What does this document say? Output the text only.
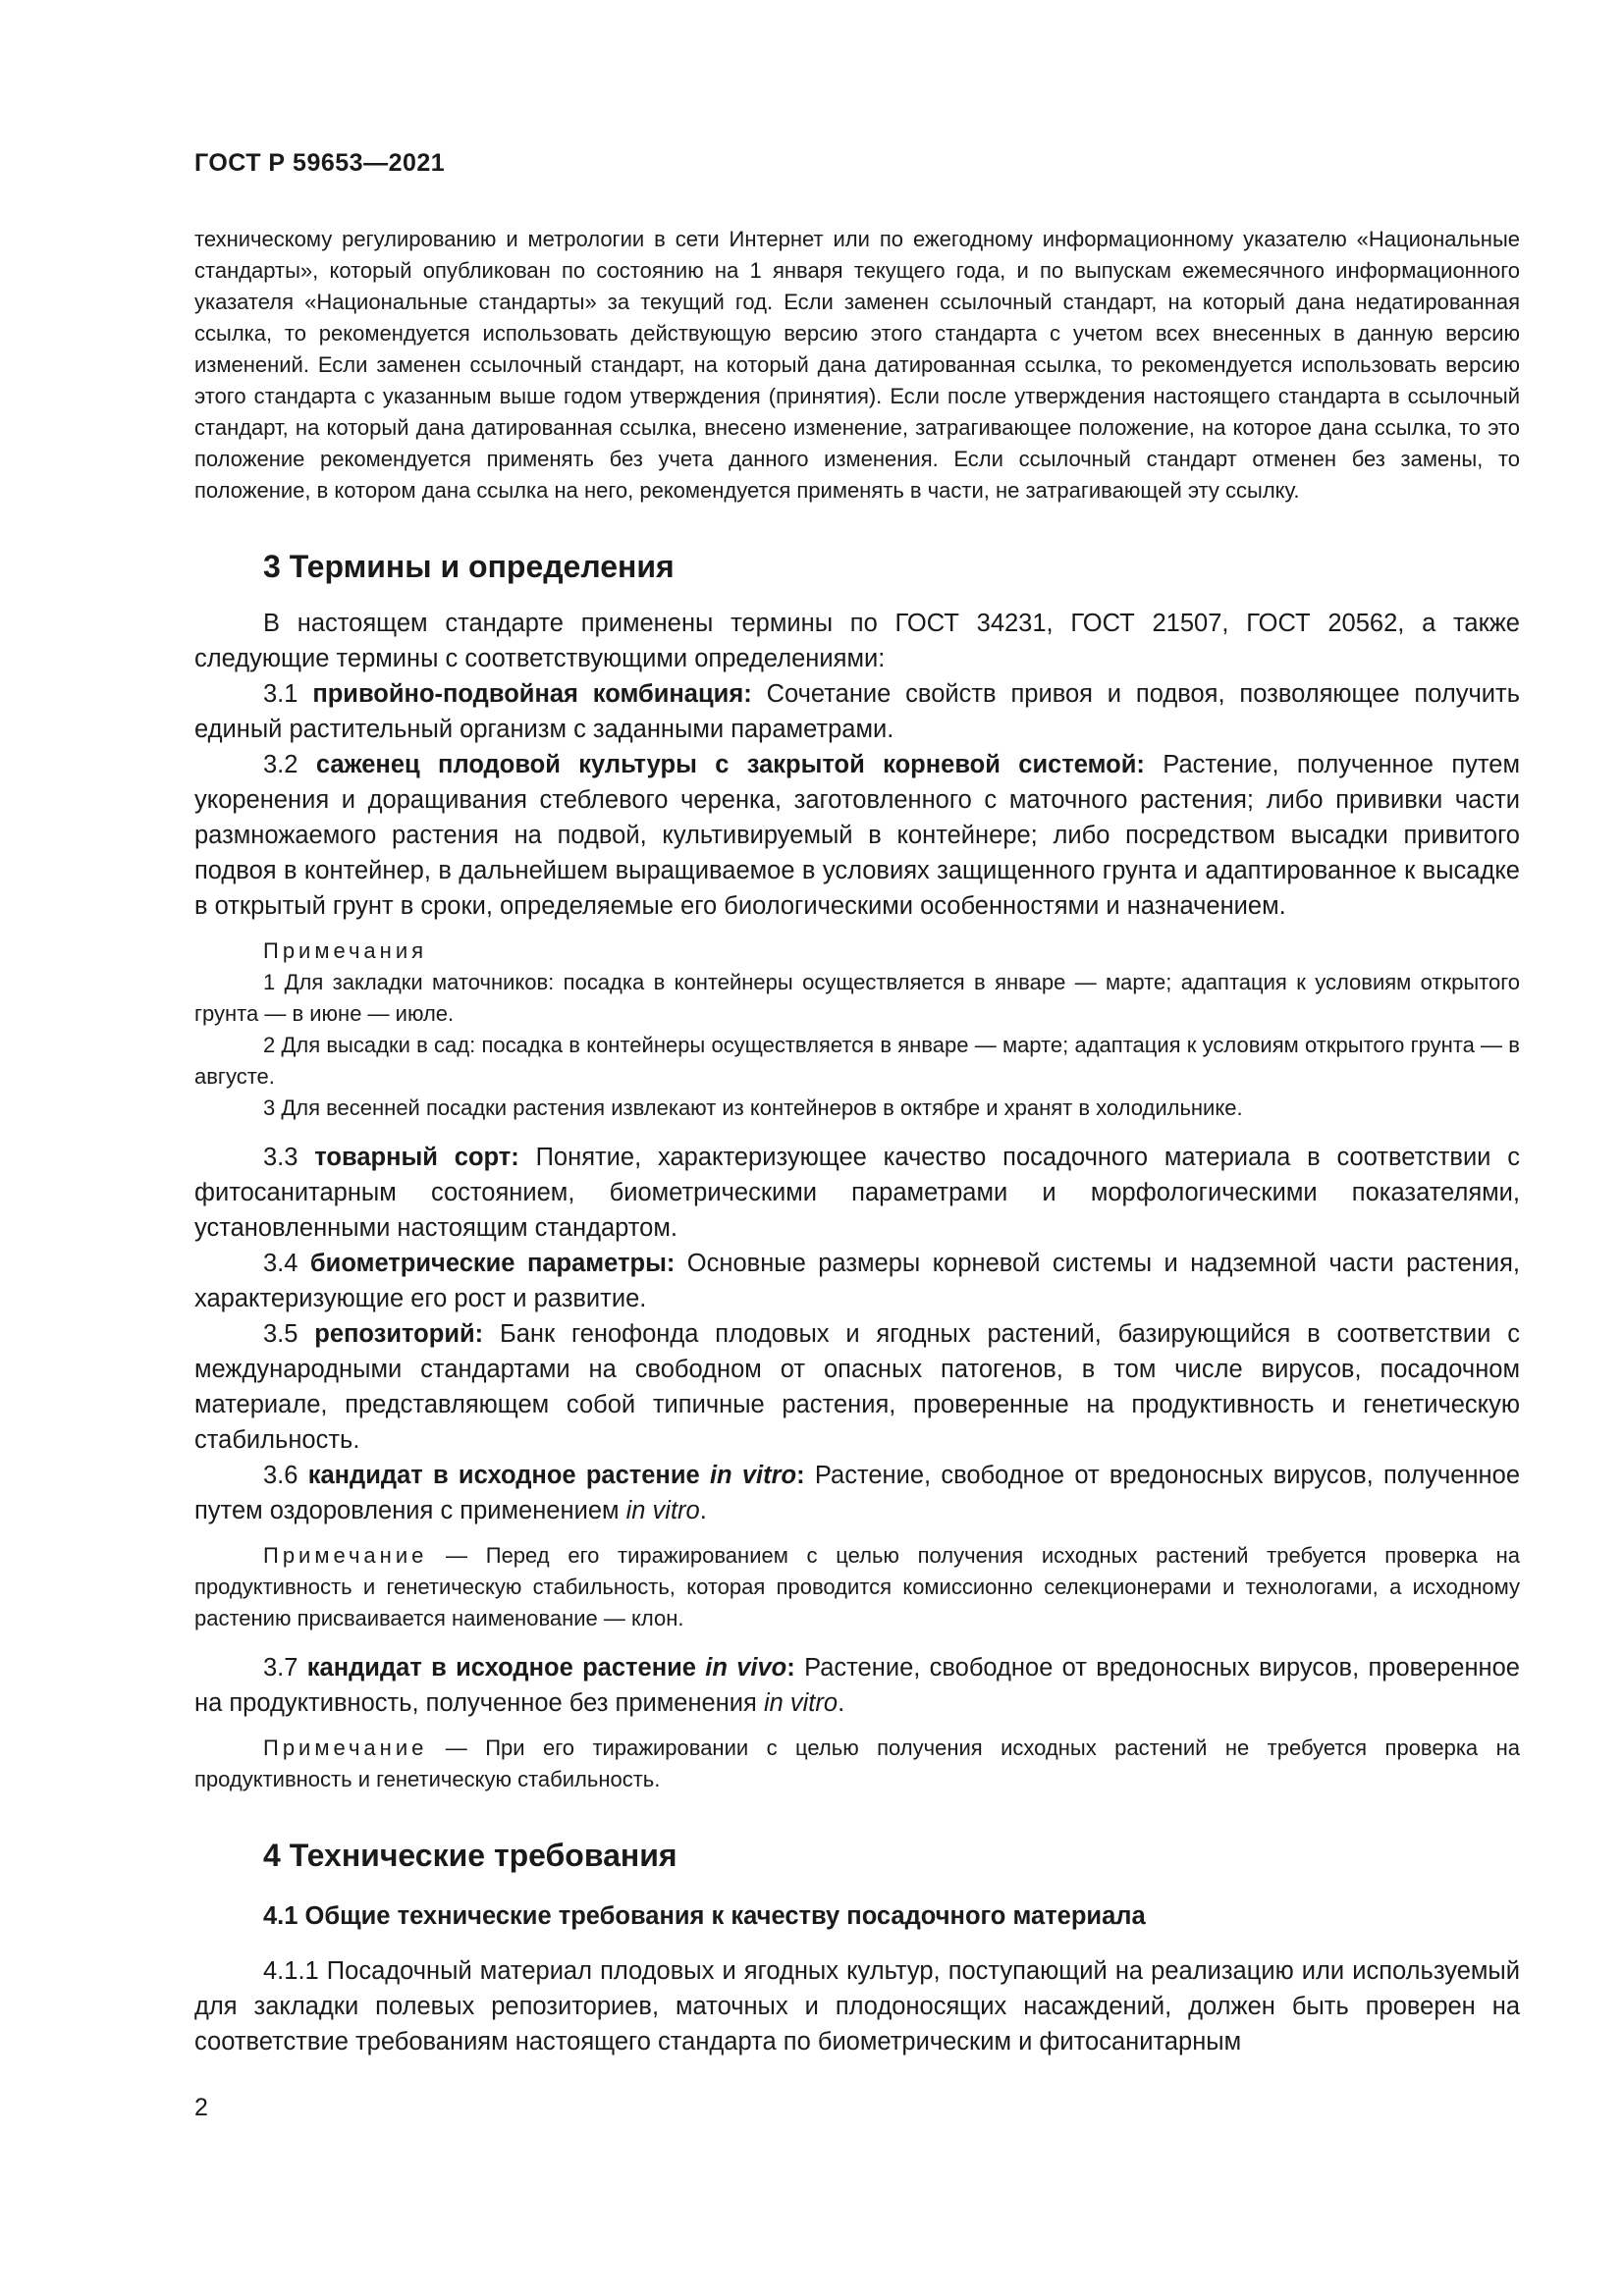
ГОСТ Р 59653—2021

техническому регулированию и метрологии в сети Интернет или по ежегодному информационному указателю «Национальные стандарты», который опубликован по состоянию на 1 января текущего года, и по выпускам ежемесячного информационного указателя «Национальные стандарты» за текущий год. Если заменен ссылочный стандарт, на который дана недатированная ссылка, то рекомендуется использовать действующую версию этого стандарта с учетом всех внесенных в данную версию изменений. Если заменен ссылочный стандарт, на который дана датированная ссылка, то рекомендуется использовать версию этого стандарта с указанным выше годом утверждения (принятия). Если после утверждения настоящего стандарта в ссылочный стандарт, на который дана датированная ссылка, внесено изменение, затрагивающее положение, на которое дана ссылка, то это положение рекомендуется применять без учета данного изменения. Если ссылочный стандарт отменен без замены, то положение, в котором дана ссылка на него, рекомендуется применять в части, не затрагивающей эту ссылку.

3 Термины и определения

В настоящем стандарте применены термины по ГОСТ 34231, ГОСТ 21507, ГОСТ 20562, а также следующие термины с соответствующими определениями:

3.1 привойно-подвойная комбинация: Сочетание свойств привоя и подвоя, позволяющее получить единый растительный организм с заданными параметрами.

3.2 саженец плодовой культуры с закрытой корневой системой: Растение, полученное путем укоренения и доращивания стеблевого черенка, заготовленного с маточного растения; либо прививки части размножаемого растения на подвой, культивируемый в контейнере; либо посредством высадки привитого подвоя в контейнер, в дальнейшем выращиваемое в условиях защищенного грунта и адаптированное к высадке в открытый грунт в сроки, определяемые его биологическими особенностями и назначением.

Примечания

1 Для закладки маточников: посадка в контейнеры осуществляется в январе — марте; адаптация к условиям открытого грунта — в июне — июле.

2 Для высадки в сад: посадка в контейнеры осуществляется в январе — марте; адаптация к условиям открытого грунта — в августе.

3 Для весенней посадки растения извлекают из контейнеров в октябре и хранят в холодильнике.

3.3 товарный сорт: Понятие, характеризующее качество посадочного материала в соответствии с фитосанитарным состоянием, биометрическими параметрами и морфологическими показателями, установленными настоящим стандартом.

3.4 биометрические параметры: Основные размеры корневой системы и надземной части растения, характеризующие его рост и развитие.

3.5 репозиторий: Банк генофонда плодовых и ягодных растений, базирующийся в соответствии с международными стандартами на свободном от опасных патогенов, в том числе вирусов, посадочном материале, представляющем собой типичные растения, проверенные на продуктивность и генетическую стабильность.

3.6 кандидат в исходное растение in vitro: Растение, свободное от вредоносных вирусов, полученное путем оздоровления с применением in vitro.

Примечание — Перед его тиражированием с целью получения исходных растений требуется проверка на продуктивность и генетическую стабильность, которая проводится комиссионно селекционерами и технологами, а исходному растению присваивается наименование — клон.

3.7 кандидат в исходное растение in vivo: Растение, свободное от вредоносных вирусов, проверенное на продуктивность, полученное без применения in vitro.

Примечание — При его тиражировании с целью получения исходных растений не требуется проверка на продуктивность и генетическую стабильность.

4 Технические требования
4.1 Общие технические требования к качеству посадочного материала

4.1.1 Посадочный материал плодовых и ягодных культур, поступающий на реализацию или используемый для закладки полевых репозиториев, маточных и плодоносящих насаждений, должен быть проверен на соответствие требованиям настоящего стандарта по биометрическим и фитосанитарным

2
